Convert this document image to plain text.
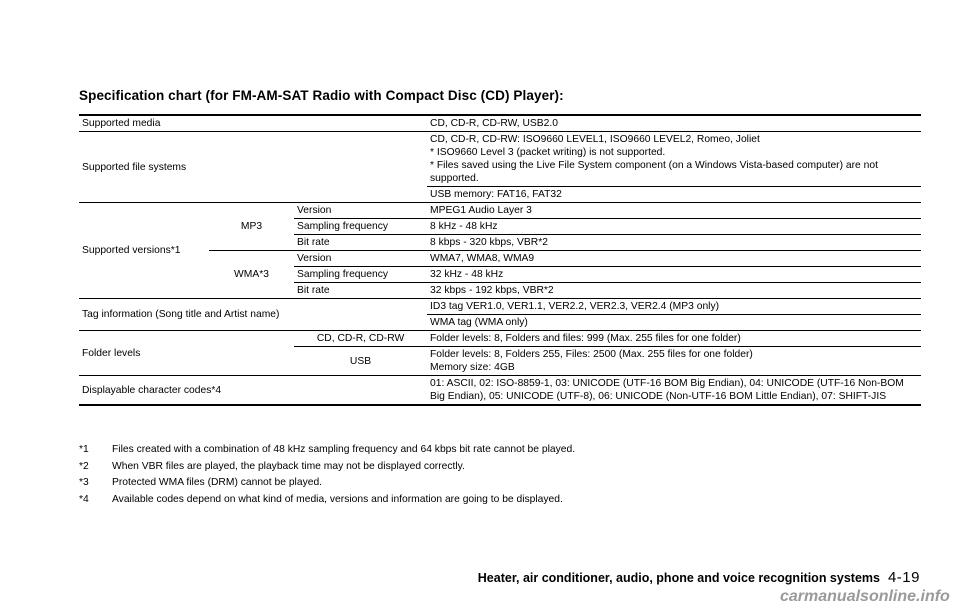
Specification chart (for FM-AM-SAT Radio with Compact Disc (CD) Player):
Supported media			CD, CD-R, CD-RW, USB2.0
Supported file systems			CD, CD-R, CD-RW: ISO9660 LEVEL1, ISO9660 LEVEL2, Romeo, Joliet
* ISO9660 Level 3 (packet writing) is not supported.
* Files saved using the Live File System component (on a Windows Vista-based computer) are not supported.

			USB memory: FAT16, FAT32
Supported versions*1	MP3	Version	MPEG1 Audio Layer 3
		Sampling frequency	8 kHz - 48 kHz
		Bit rate	8 kbps - 320 kbps, VBR*2
	WMA*3	Version	WMA7, WMA8, WMA9
		Sampling frequency	32 kHz - 48 kHz
		Bit rate	32 kbps - 192 kbps, VBR*2
Tag information (Song title and Artist name)			ID3 tag VER1.0, VER1.1, VER2.2, VER2.3, VER2.4 (MP3 only)
			WMA tag (WMA only)
Folder levels		CD, CD-R, CD-RW	Folder levels: 8, Folders and files: 999 (Max. 255 files for one folder)
		USB	Folder levels: 8, Folders 255, Files: 2500 (Max. 255 files for one folder)
Memory size: 4GB

Displayable character codes*4			01: ASCII, 02: ISO-8859-1, 03: UNICODE (UTF-16 BOM Big Endian), 04: UNICODE (UTF-16 Non-BOM Big Endian), 05: UNICODE (UTF-8), 06: UNICODE (Non-UTF-16 BOM Little Endian), 07: SHIFT-JIS
*1	Files created with a combination of 48 kHz sampling frequency and 64 kbps bit rate cannot be played.
*2	When VBR files are played, the playback time may not be displayed correctly.
*3	Protected WMA files (DRM) cannot be played.
*4	Available codes depend on what kind of media, versions and information are going to be displayed.
Heater, air conditioner, audio, phone and voice recognition systems 4-19
carmanualsonline.info
